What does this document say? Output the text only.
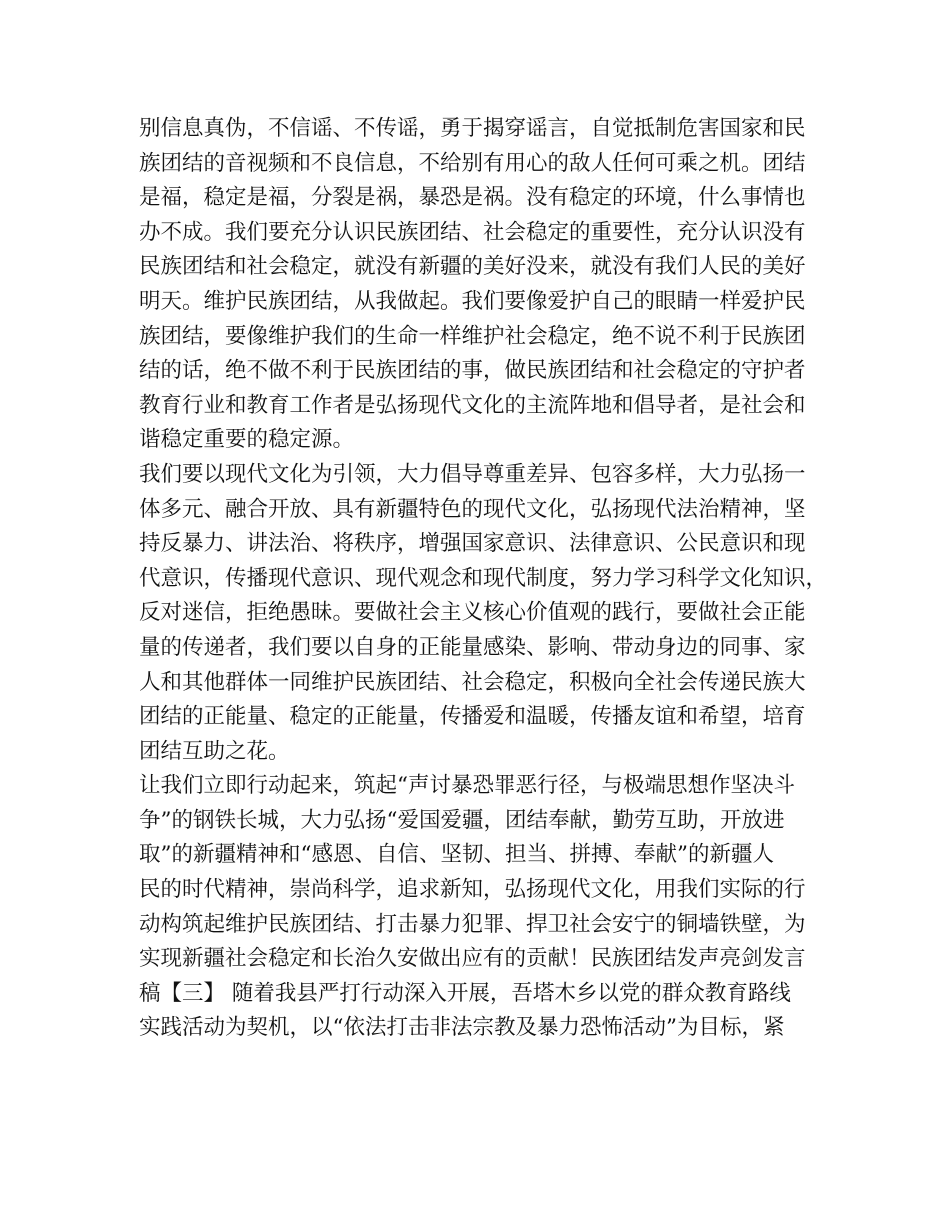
别信息真伪，不信谣、不传谣，勇于揭穿谣言，自觉抵制危害国家和民
族团结的音视频和不良信息，不给别有用心的敌人任何可乘之机。团结
是福，稳定是福，分裂是祸，暴恐是祸。没有稳定的环境，什么事情也
办不成。我们要充分认识民族团结、社会稳定的重要性，充分认识没有
民族团结和社会稳定，就没有新疆的美好没来，就没有我们人民的美好
明天。维护民族团结，从我做起。我们要像爱护自己的眼睛一样爱护民
族团结，要像维护我们的生命一样维护社会稳定，绝不说不利于民族团
结的话，绝不做不利于民族团结的事，做民族团结和社会稳定的守护者
教育行业和教育工作者是弘扬现代文化的主流阵地和倡导者，是社会和
谐稳定重要的稳定源。
我们要以现代文化为引领，大力倡导尊重差异、包容多样，大力弘扬一
体多元、融合开放、具有新疆特色的现代文化，弘扬现代法治精神，坚
持反暴力、讲法治、将秩序，增强国家意识、法律意识、公民意识和现
代意识，传播现代意识、现代观念和现代制度，努力学习科学文化知识，
反对迷信，拒绝愚昧。要做社会主义核心价值观的践行，要做社会正能
量的传递者，我们要以自身的正能量感染、影响、带动身边的同事、家
人和其他群体一同维护民族团结、社会稳定，积极向全社会传递民族大
团结的正能量、稳定的正能量，传播爱和温暖，传播友谊和希望，培育
团结互助之花。
让我们立即行动起来，筑起“声讨暴恐罪恶行径，与极端思想作坚决斗
争”的钢铁长城，大力弘扬“爱国爱疆，团结奉献，勤劳互助，开放进
取”的新疆精神和“感恩、自信、坚韧、担当、拼搏、奉献”的新疆人
民的时代精神，崇尚科学，追求新知，弘扬现代文化，用我们实际的行
动构筑起维护民族团结、打击暴力犯罪、捍卫社会安宁的铜墙铁壁，为
实现新疆社会稳定和长治久安做出应有的贡献！民族团结发声亮剑发言
稿【三】 随着我县严打行动深入开展，吾塔木乡以党的群众教育路线
实践活动为契机，以“依法打击非法宗教及暴力恐怖活动”为目标，紧
